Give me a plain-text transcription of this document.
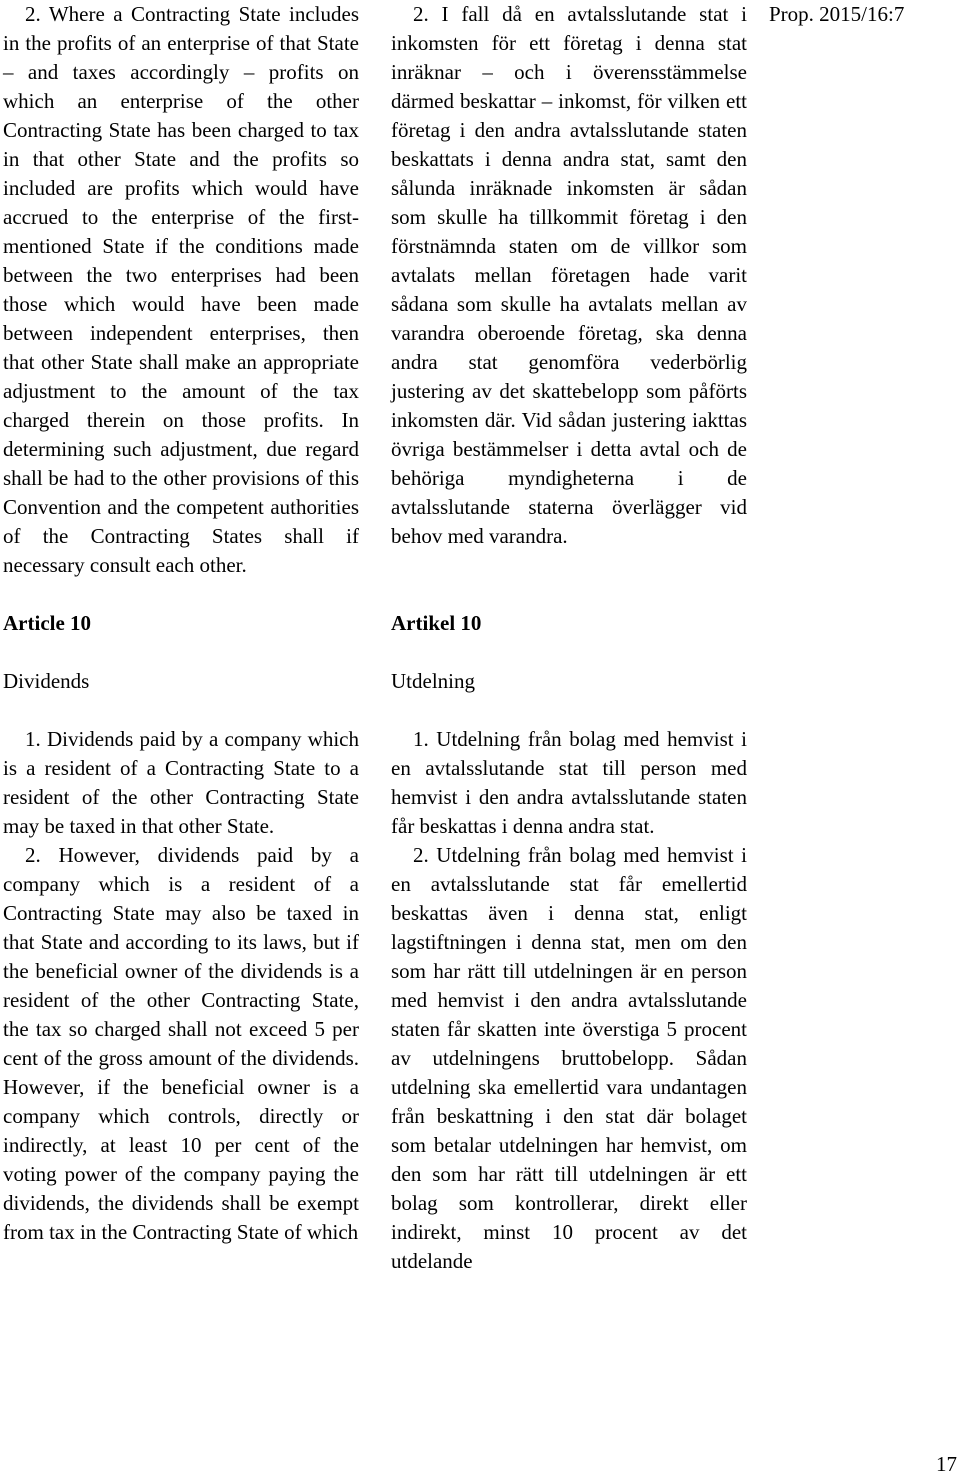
2. Where a Contracting State includes in the profits of an enterprise of that State – and taxes accordingly – profits on which an enterprise of the other Contracting State has been charged to tax in that other State and the profits so included are profits which would have accrued to the enterprise of the first-mentioned State if the conditions made between the two enterprises had been those which would have been made between independent enterprises, then that other State shall make an appropriate adjustment to the amount of the tax charged therein on those profits. In determining such adjustment, due regard shall be had to the other provisions of this Convention and the competent authorities of the Contracting States shall if necessary consult each other.

Article 10
Dividends

1. Dividends paid by a company which is a resident of a Contracting State to a resident of the other Contracting State may be taxed in that other State.

2. However, dividends paid by a company which is a resident of a Contracting State may also be taxed in that State and according to its laws, but if the beneficial owner of the dividends is a resident of the other Contracting State, the tax so charged shall not exceed 5 per cent of the gross amount of the dividends. However, if the beneficial owner is a company which controls, directly or indirectly, at least 10 per cent of the voting power of the company paying the dividends, the dividends shall be exempt from tax in the Contracting State of which

2. I fall då en avtalsslutande stat i inkomsten för ett företag i denna stat inräknar – och i överensstämmelse därmed beskattar – inkomst, för vilken ett företag i den andra avtalsslutande staten beskattats i denna andra stat, samt den sålunda inräknade inkomsten är sådan som skulle ha tillkommit företag i den förstnämnda staten om de villkor som avtalats mellan företagen hade varit sådana som skulle ha avtalats mellan av varandra oberoende företag, ska denna andra stat genomföra vederbörlig justering av det skattebelopp som påförts inkomsten där. Vid sådan justering iakttas övriga bestämmelser i detta avtal och de behöriga myndigheterna i de avtalsslutande staterna överlägger vid behov med varandra.

Artikel 10
Utdelning

1. Utdelning från bolag med hemvist i en avtalsslutande stat till person med hemvist i den andra avtalsslutande staten får beskattas i denna andra stat.

2. Utdelning från bolag med hemvist i en avtalsslutande stat får emellertid beskattas även i denna stat, enligt lagstiftningen i denna stat, men om den som har rätt till utdelningen är en person med hemvist i den andra avtalsslutande staten får skatten inte överstiga 5 procent av utdelningens bruttobelopp. Sådan utdelning ska emellertid vara undantagen från beskattning i den stat där bolaget som betalar utdelningen har hemvist, om den som har rätt till utdelningen är ett bolag som kontrollerar, direkt eller indirekt, minst 10 procent av det utdelande

Prop. 2015/16:7
17
